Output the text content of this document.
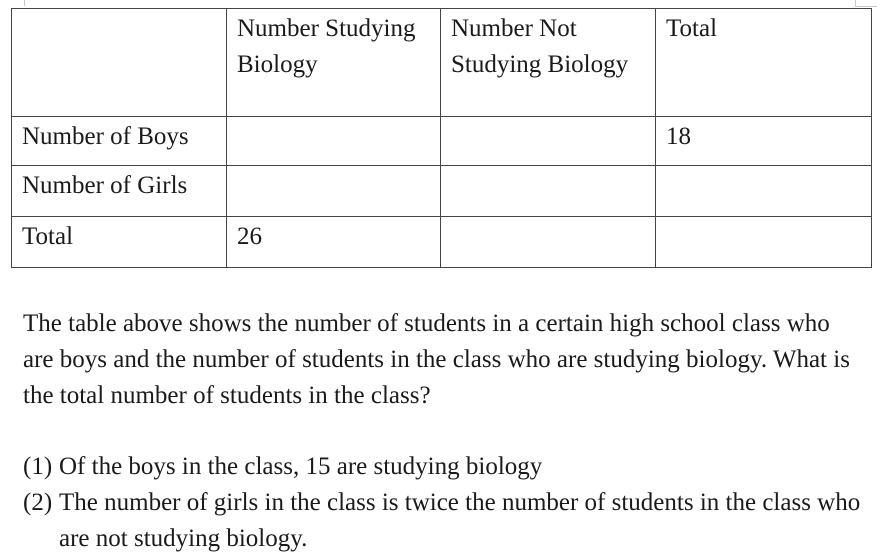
	Number Studying Biology	Number Not Studying Biology	Total
Number of Boys			18
Number of Girls			
Total	26		

The table above shows the number of students in a certain high school class who are boys and the number of students in the class who are studying biology. What is the total number of students in the class?

(1) Of the boys in the class, 15 are studying biology
(2) The number of girls in the class is twice the number of students in the class who are not studying biology.
